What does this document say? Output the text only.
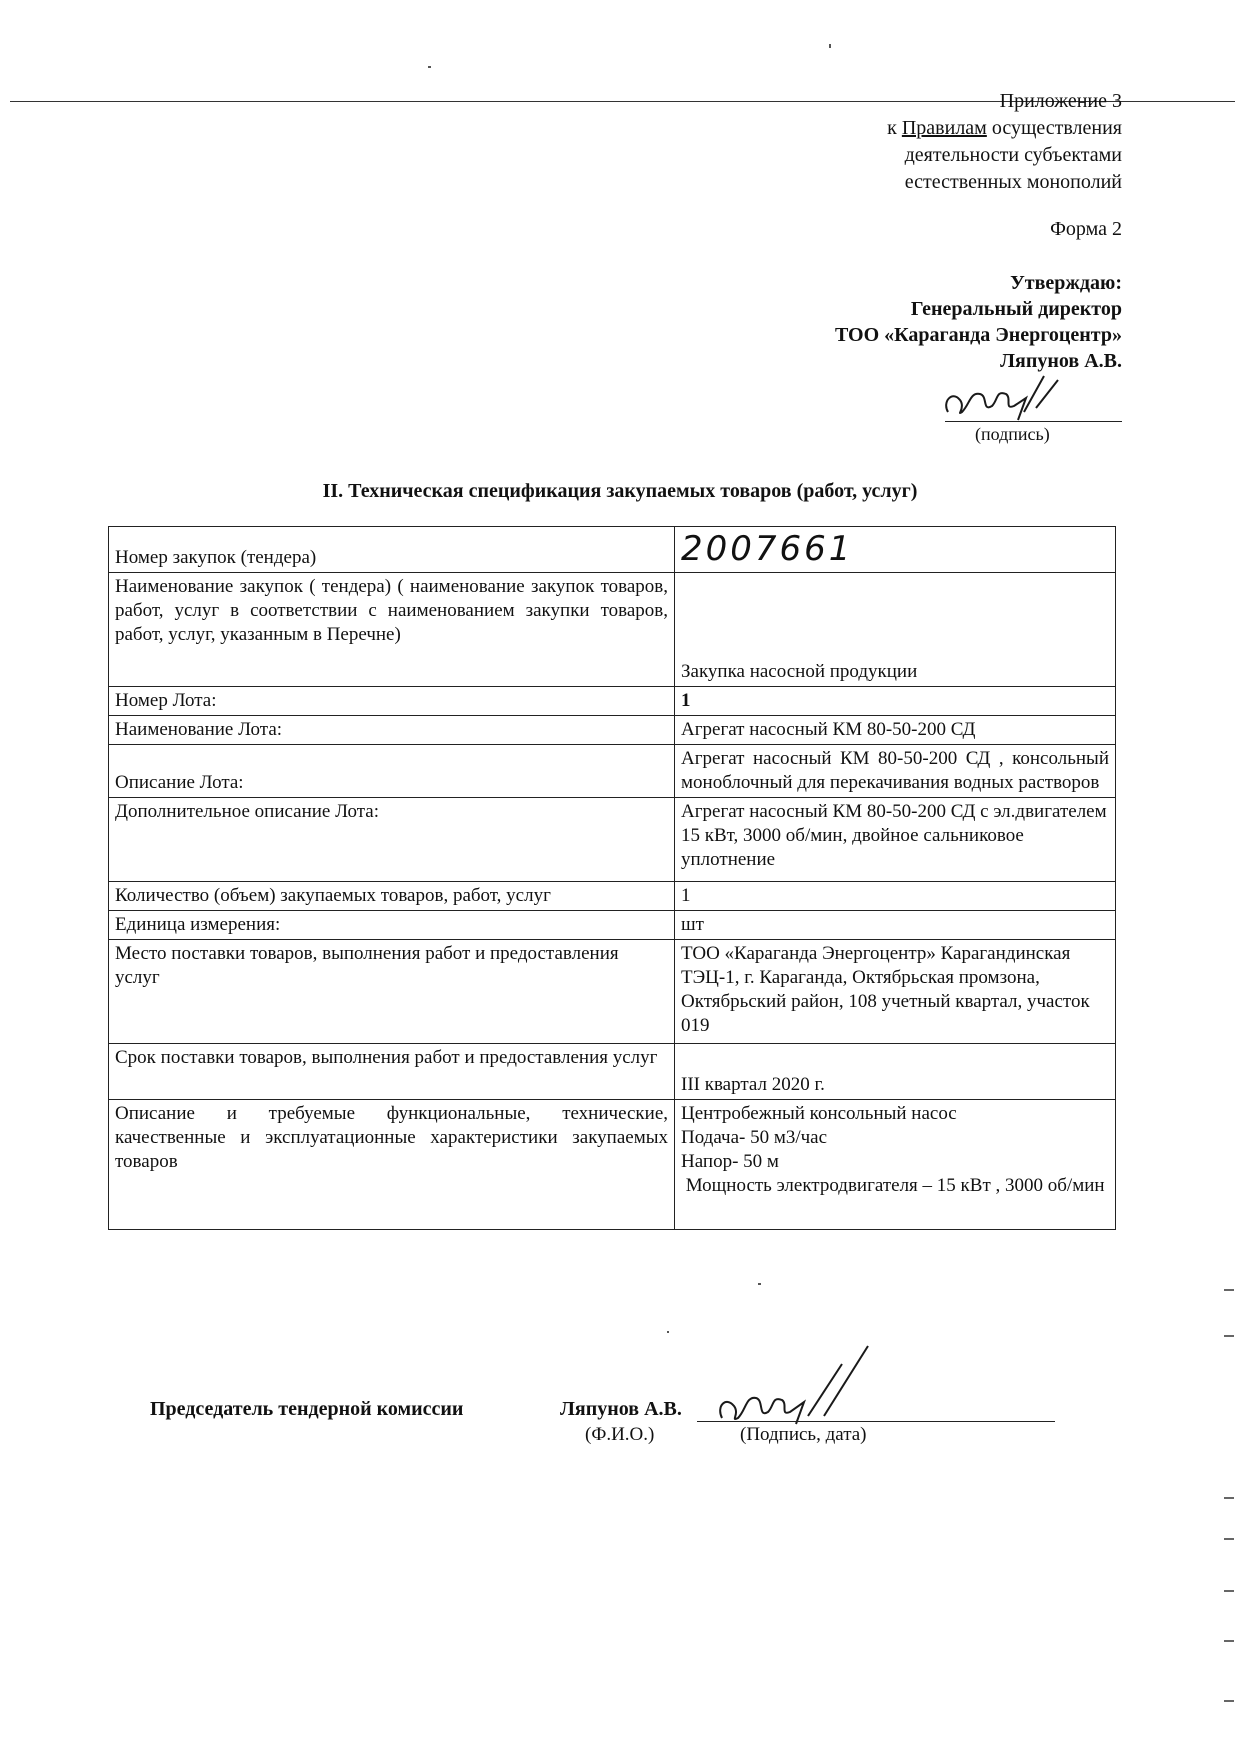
Приложение 3
к Правилам осуществления
деятельности субъектами
естественных монополий
Форма 2
Утверждаю:
Генеральный директор
ТОО «Караганда Энергоцентр»
Ляпунов А.В.
(подпись)
II. Техническая спецификация закупаемых товаров (работ, услуг)
Номер закупок (тендера)	2007661
Наименование закупок ( тендера) ( наименование закупок товаров, работ, услуг в соответствии с наименованием закупки товаров, работ, услуг, указанным в Перечне)	Закупка насосной продукции
Номер Лота:	1
Наименование Лота:	Агрегат насосный КМ 80-50-200 СД
Описание Лота:	Агрегат насосный КМ 80-50-200 СД , консольный моноблочный для перекачивания водных растворов
Дополнительное описание Лота:	Агрегат насосный КМ 80-50-200 СД с эл.двигателем 15 кВт, 3000 об/мин, двойное сальниковое уплотнение
Количество (объем) закупаемых товаров, работ, услуг	1
Единица измерения:	шт
Место поставки товаров, выполнения работ и предоставления услуг	ТОО «Караганда Энергоцентр» Карагандинская ТЭЦ-1, г. Караганда, Октябрьская промзона, Октябрьский район, 108 учетный квартал, участок 019
Срок поставки товаров, выполнения работ и предоставления услуг	III квартал 2020 г.
Описание и требуемые функциональные, технические, качественные и эксплуатационные характеристики закупаемых товаров	Центробежный консольный насос
Подача- 50 м3/час
Напор- 50 м
Мощность электродвигателя – 15 кВт , 3000 об/мин
Председатель тендерной комиссии	Ляпунов А.В.
(Ф.И.О.)	(Подпись, дата)
